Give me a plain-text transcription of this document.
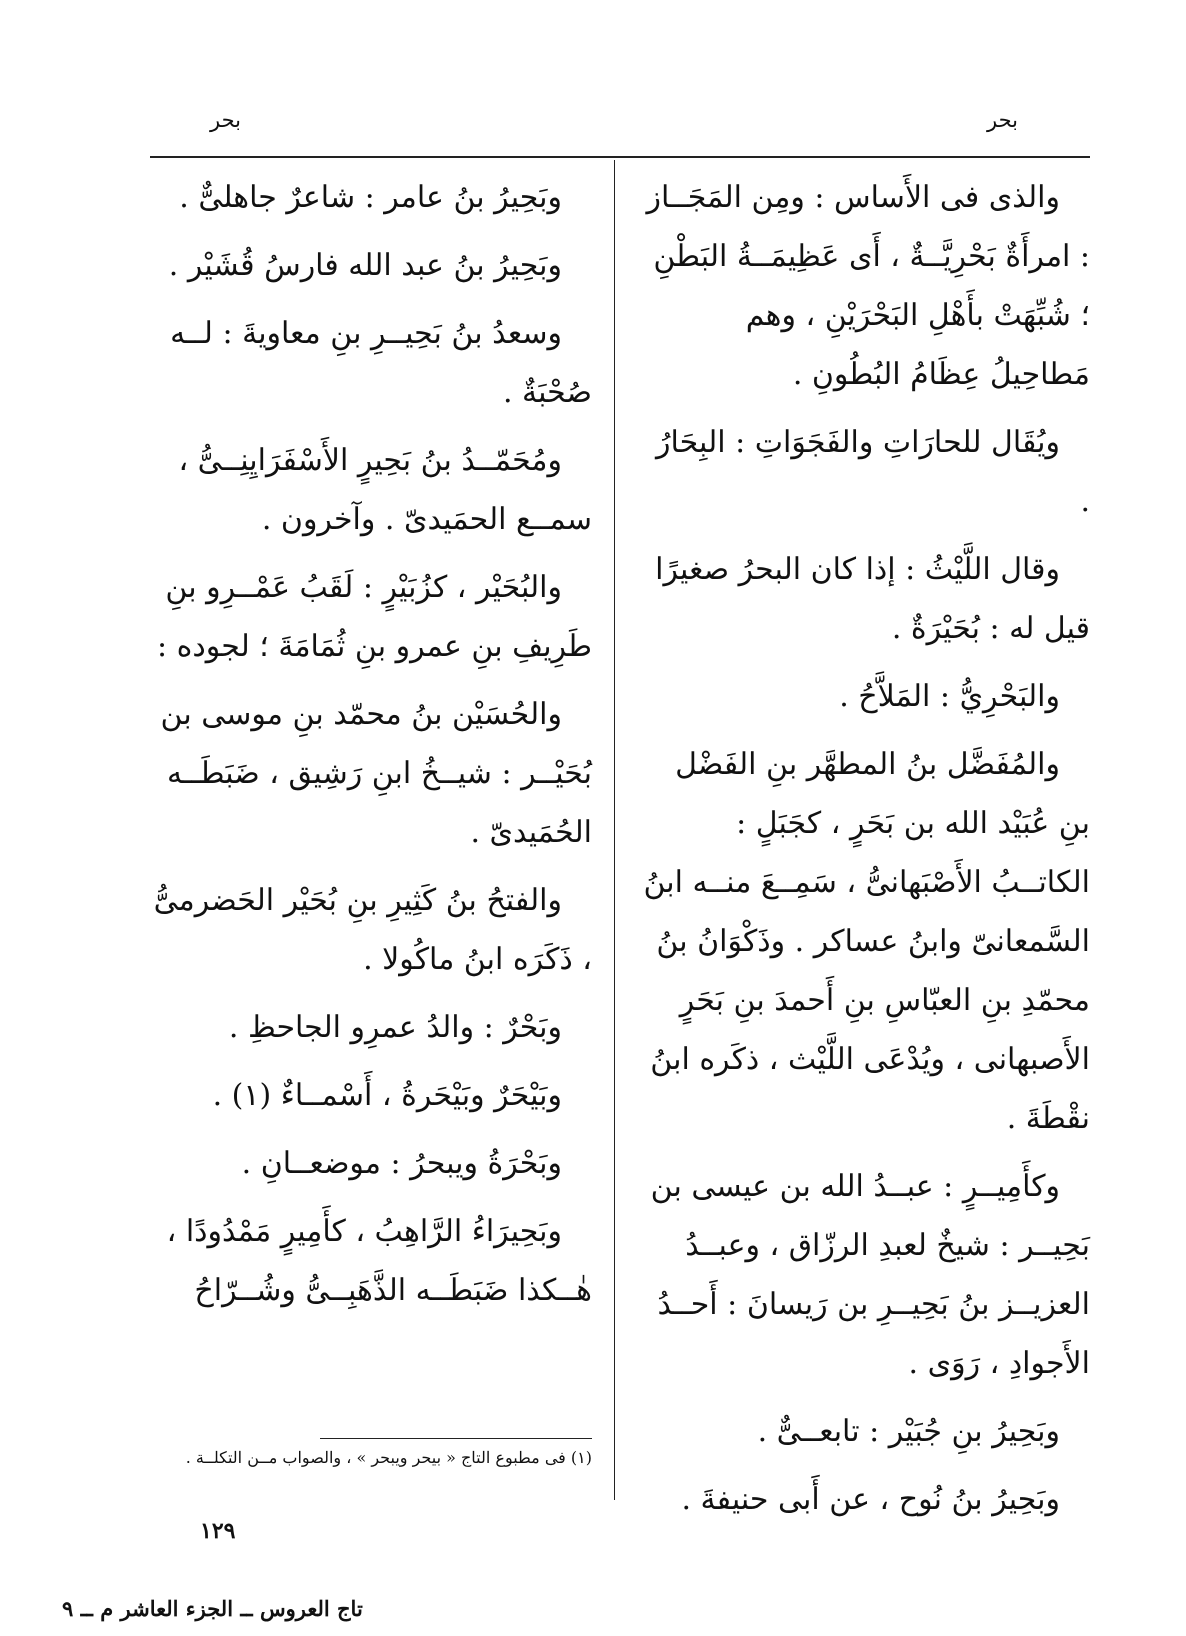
بحر
بحر

والذى فى الأَساس : ومِن المَجَــاز : امرأَةٌ بَحْرِيَّــةٌ ، أَى عَظِيمَــةُ البَطْنِ ؛ شُبِّهَتْ بأَهْلِ البَحْرَيْنِ ، وهم مَطاحِيلُ عِظَامُ البُطُونِ .

ويُقَال للحارَاتِ والفَجَوَاتِ : البِحَارُ .

وقال اللَّيْثُ : إذا كان البحرُ صغيرًا قيل له : بُحَيْرَةٌ .

والبَحْرِيُّ : المَلاَّحُ .

والمُفَضَّل بنُ المطهَّر بنِ الفَضْل بنِ عُبَيْد الله بن بَحَرٍ ، كجَبَلٍ : الكاتــبُ الأَصْبَهانىُّ ، سَمِــعَ منــه ابنُ السَّمعانىّ وابنُ عساكر . وذَكْوَانُ بنُ محمّدِ بنِ العبّاسِ بنِ أَحمدَ بنِ بَحَرٍ الأَصبهانى ، ويُدْعَى اللَّيْث ، ذكَره ابنُ نقْطَةَ .

وكأَمِيــرٍ : عبــدُ الله بن عيسى بن بَحِيــر : شيخٌ لعبدِ الرزّاق ، وعبــدُ العزيــز بنُ بَحِيــرِ بن رَيسانَ : أَحــدُ الأَجوادِ ، رَوَى .

وبَحِيرُ بنِ جُبَيْر : تابعــىٌّ .

وبَحِيرُ بنُ نُوح ، عن أَبى حنيفةَ .

وبَحِيرُ بنُ عامر : شاعرٌ جاهلىٌّ .

وبَحِيرُ بنُ عبد الله فارسُ قُشَيْر .

وسعدُ بنُ بَحِيــرِ بنِ معاويةَ : لــه صُحْبَةٌ .

ومُحَمّــدُ بنُ بَحِيرٍ الأَسْفَرَايِنِــىُّ ، سمــع الحمَيدىّ . وآخرون .

والبُحَيْر ، كزُبَيْرٍ : لَقَبُ عَمْــرِو بنِ طَرِيفِ بنِ عمرو بنِ ثُمَامَةَ ؛ لجوده :

والحُسَيْن بنُ محمّد بنِ موسى بن بُحَيْــر : شيــخُ ابنِ رَشِيق ، ضَبَطَــه الحُمَيدىّ .

والفتحُ بنُ كَثِيرِ بنِ بُحَيْر الحَضرمىُّ ، ذَكَرَه ابنُ ماكُولا .

وبَحْرٌ : والدُ عمرِو الجاحظِ .

وبَيْحَرٌ وبَيْحَرةُ ، أَسْمــاءٌ (١) .

وبَحْرَةُ ويبحرُ : موضعــانِ .

وبَحِيرَاءُ الرَّاهِبُ ، كأَمِيرٍ مَمْدُودًا ، هٰــكذا ضَبَطَــه الذَّهَبِــىُّ وشُــرّاحُ

(١) فى مطبوع التاج « بيحر ويبحر » ، والصواب مــن التكلــة .
١٢٩
تاج العروس ــ الجزء العاشر م ــ ٩
